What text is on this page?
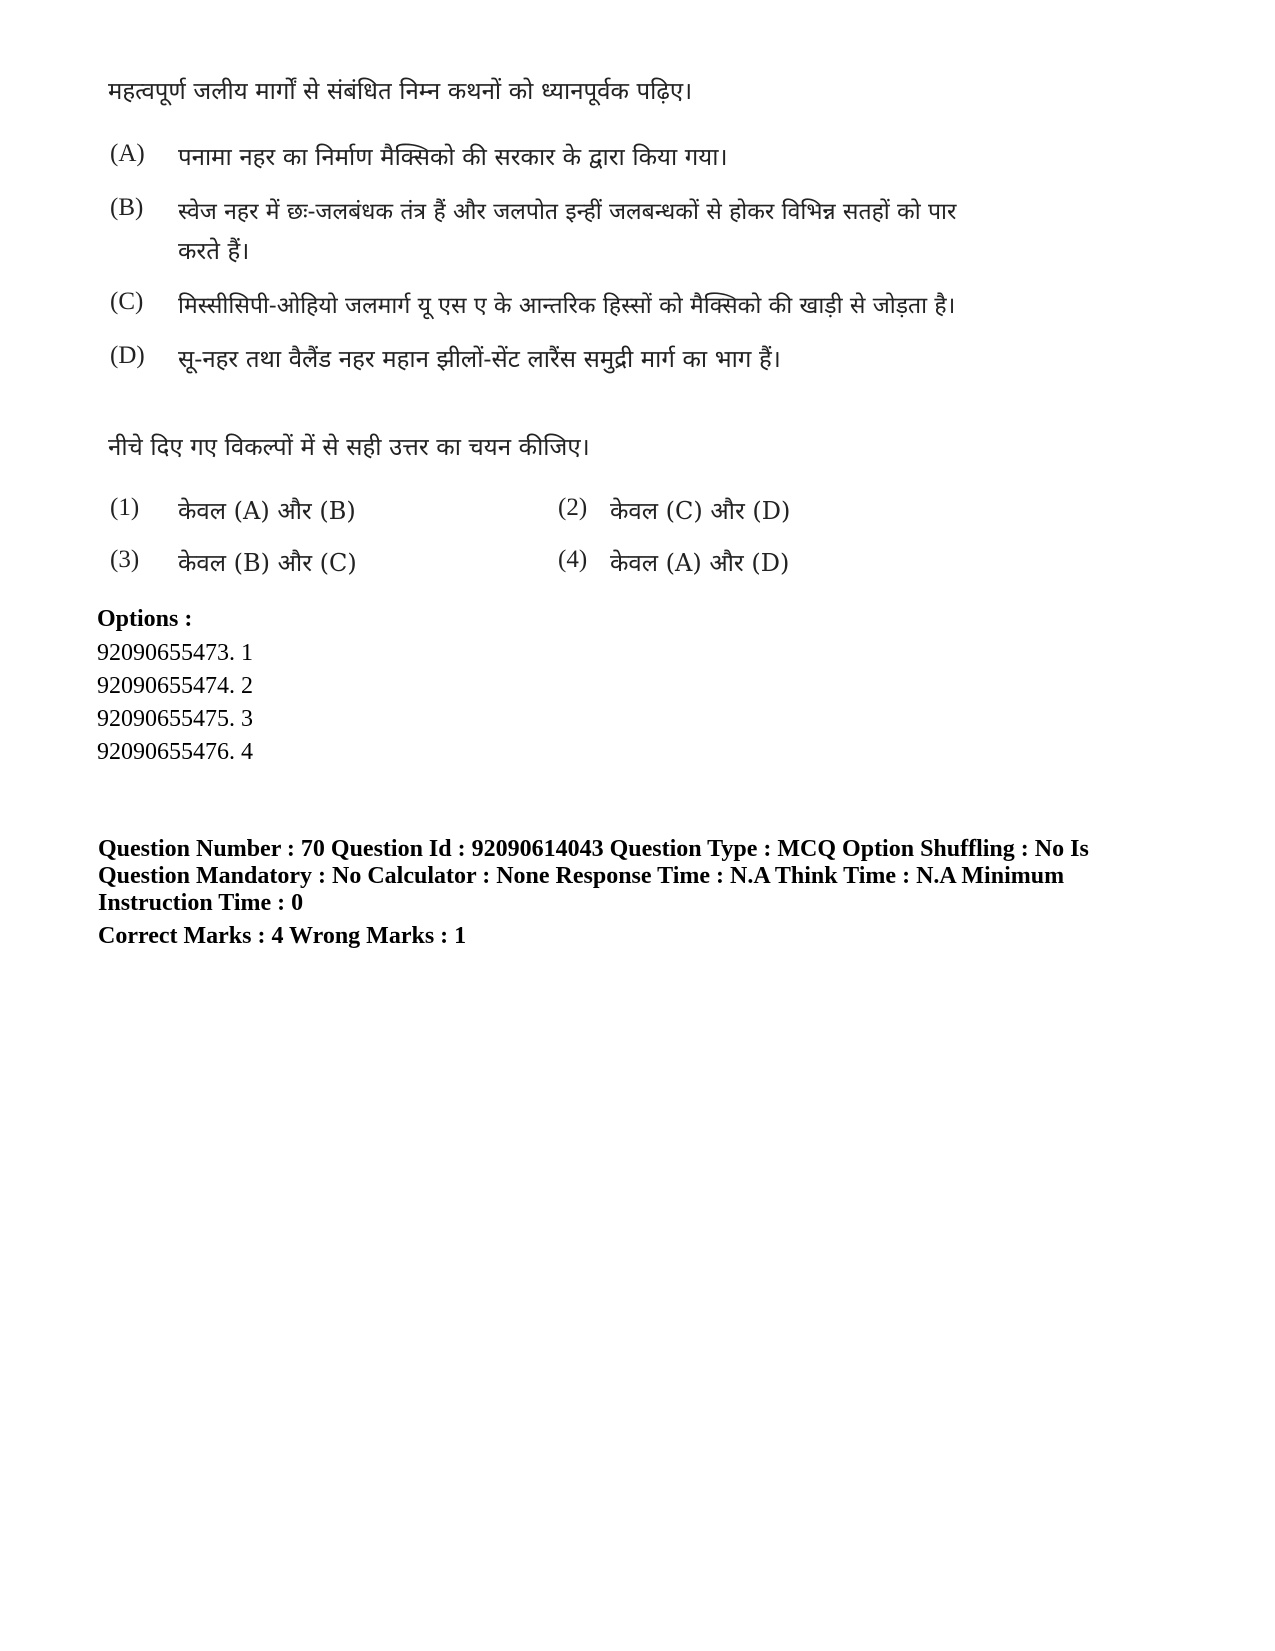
महत्वपूर्ण जलीय मार्गों से संबंधित निम्न कथनों को ध्यानपूर्वक पढ़िए।
(A) पनामा नहर का निर्माण मैक्सिको की सरकार के द्वारा किया गया।
(B) स्वेज नहर में छः-जलबंधक तंत्र हैं और जलपोत इन्हीं जलबन्धकों से होकर विभिन्न सतहों को पार
करते हैं।
(C) मिस्सीसिपी-ओहियो जलमार्ग यू एस ए के आन्तरिक हिस्सों को मैक्सिको की खाड़ी से जोड़ता है।
(D) सू-नहर तथा वैलैंड नहर महान झीलों-सेंट लारैंस समुद्री मार्ग का भाग हैं।
नीचे दिए गए विकल्पों में से सही उत्तर का चयन कीजिए।
(1) केवल (A) और (B)	(2) केवल (C) और (D)
(3) केवल (B) और (C)	(4) केवल (A) और (D)
Options :
92090655473. 1
92090655474. 2
92090655475. 3
92090655476. 4
Question Number : 70 Question Id : 92090614043 Question Type : MCQ Option Shuffling : No Is
Question Mandatory : No Calculator : None Response Time : N.A Think Time : N.A Minimum
Instruction Time : 0
Correct Marks : 4 Wrong Marks : 1
